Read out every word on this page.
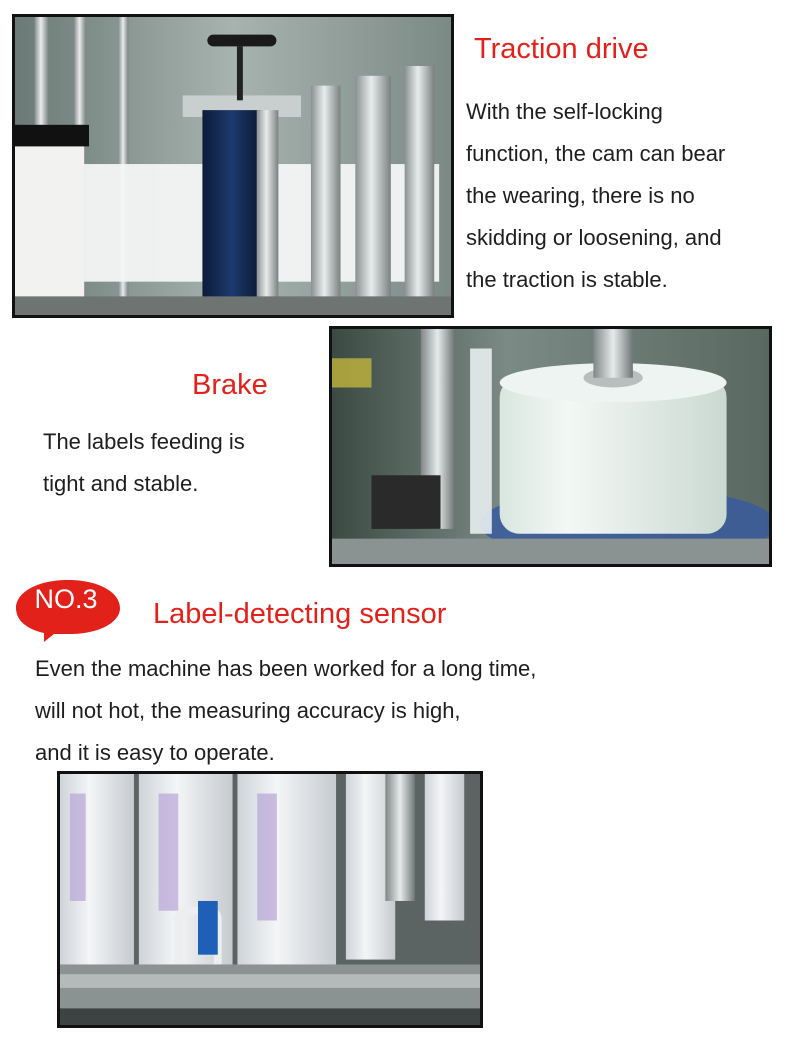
Traction drive
With the self-locking
function, the cam can bear
the wearing, there is no
skidding or loosening, and
the traction is stable.
Brake
The labels feeding is
tight and stable.
NO.3	Label-detecting sensor
Even the machine has been worked for a long time,
will not hot, the measuring accuracy is high,
and it is easy to operate.
